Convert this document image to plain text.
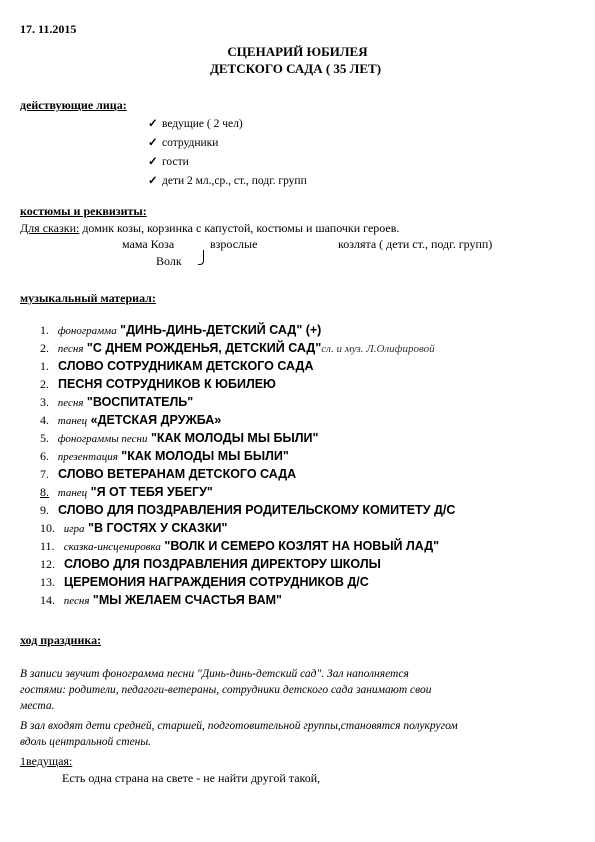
17. 11.2015
СЦЕНАРИЙ ЮБИЛЕЯ
ДЕТСКОГО САДА ( 35 ЛЕТ)
действующие лица:
✓ ведущие ( 2 чел)
✓ сотрудники
✓ гости
✓ дети 2 мл.,ср., ст., подг. групп
костюмы и реквизиты:
Для сказки: домик козы, корзинка с капустой, костюмы и шапочки героев.
мама Коза	взрослые	козлята ( дети ст., подг. групп)
Волк
музыкальный материал:
1. фонограмма "ДИНЬ-ДИНЬ-ДЕТСКИЙ САД" (+)
2. песня "С ДНЕМ РОЖДЕНЬЯ, ДЕТСКИЙ САД"сл. и муз. Л.Олифировой
1. СЛОВО СОТРУДНИКАМ ДЕТСКОГО САДА
2. ПЕСНЯ СОТРУДНИКОВ К ЮБИЛЕЮ
3. песня "ВОСПИТАТЕЛЬ"
4. танец «ДЕТСКАЯ ДРУЖБА»
5. фонограммы песни "КАК МОЛОДЫ МЫ БЫЛИ"
6. презентация "КАК МОЛОДЫ МЫ БЫЛИ"
7. СЛОВО ВЕТЕРАНАМ ДЕТСКОГО САДА
8. танец "Я ОТ ТЕБЯ УБЕГУ"
9. СЛОВО ДЛЯ ПОЗДРАВЛЕНИЯ РОДИТЕЛЬСКОМУ КОМИТЕТУ Д/С
10. игра "В ГОСТЯХ У СКАЗКИ"
11. сказка-инсценировка "ВОЛК И СЕМЕРО КОЗЛЯТ НА НОВЫЙ ЛАД"
12. СЛОВО ДЛЯ ПОЗДРАВЛЕНИЯ ДИРЕКТОРУ ШКОЛЫ
13. ЦЕРЕМОНИЯ НАГРАЖДЕНИЯ СОТРУДНИКОВ Д/С
14. песня "МЫ ЖЕЛАЕМ СЧАСТЬЯ ВАМ"
ход праздника:
В записи звучит фонограмма песни "Динь-динь-детский сад". Зал наполняется
гостями: родители, педагоги-ветераны, сотрудники детского сада занимают свои
места.
В зал входят дети средней, старшей, подготовительной группы,становятся полукругом
вдоль центральной стены.
1ведущая:
Есть одна страна на свете - не найти другой такой,
